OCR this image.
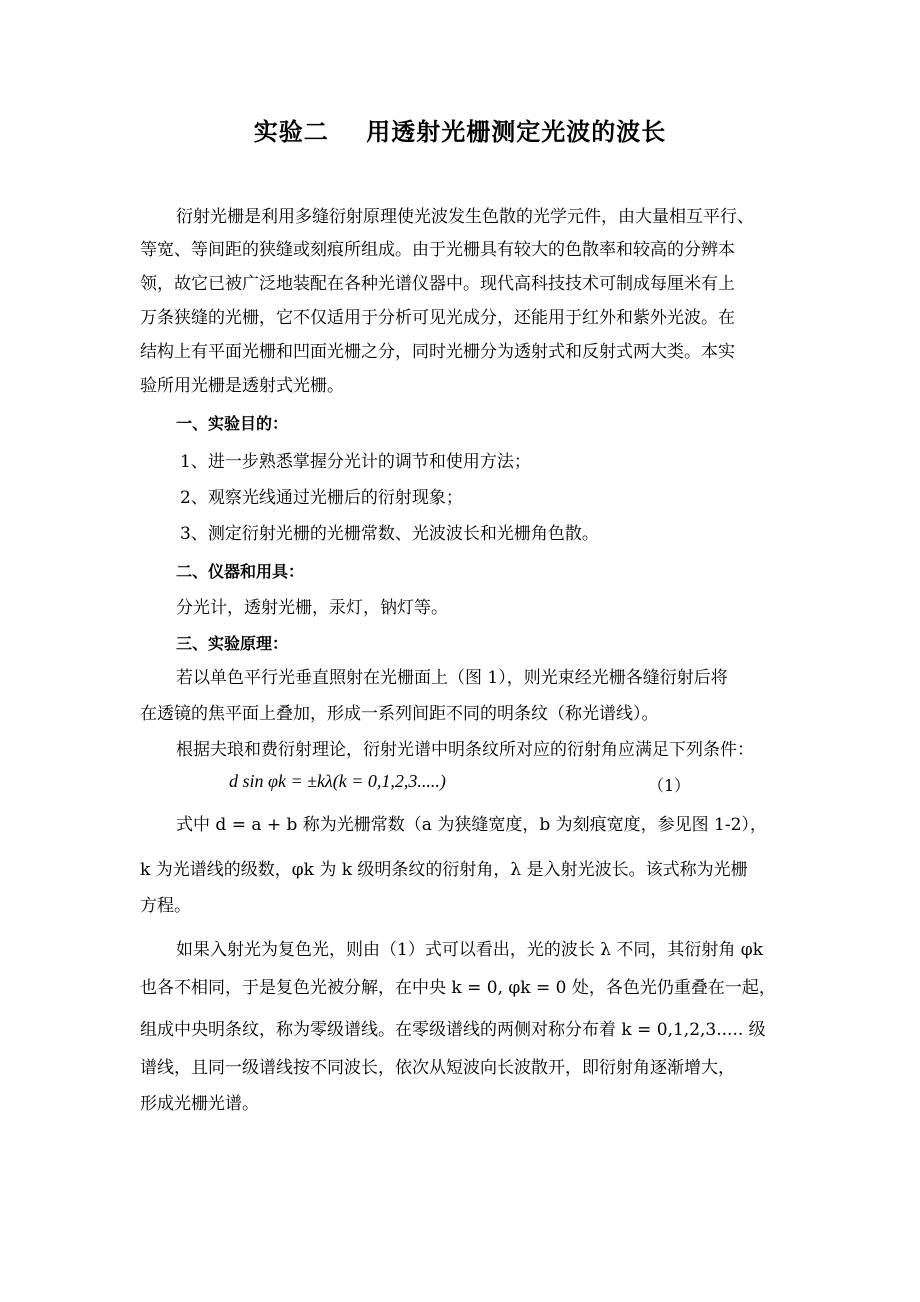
实验二    用透射光栅测定光波的波长
衍射光栅是利用多缝衍射原理使光波发生色散的光学元件，由大量相互平行、
等宽、等间距的狭缝或刻痕所组成。由于光栅具有较大的色散率和较高的分辨本
领，故它已被广泛地装配在各种光谱仪器中。现代高科技技术可制成每厘米有上
万条狭缝的光栅，它不仅适用于分析可见光成分，还能用于红外和紫外光波。在
结构上有平面光栅和凹面光栅之分，同时光栅分为透射式和反射式两大类。本实
验所用光栅是透射式光栅。
一、实验目的：
1、进一步熟悉掌握分光计的调节和使用方法；
2、观察光线通过光栅后的衍射现象；
3、测定衍射光栅的光栅常数、光波波长和光栅角色散。
二、仪器和用具：
分光计，透射光栅，汞灯，钠灯等。
三、实验原理：
若以单色平行光垂直照射在光栅面上（图 1），则光束经光栅各缝衍射后将
在透镜的焦平面上叠加，形成一系列间距不同的明条纹（称光谱线）。
根据夫琅和费衍射理论，衍射光谱中明条纹所对应的衍射角应满足下列条件：
d sin φk = ±kλ(k = 0,1,2,3.....)	（1）
式中 d = a + b 称为光栅常数（a 为狭缝宽度，b 为刻痕宽度，参见图 1-2），
k 为光谱线的级数，φk 为 k 级明条纹的衍射角，λ 是入射光波长。该式称为光栅
方程。
如果入射光为复色光，则由（1）式可以看出，光的波长 λ 不同，其衍射角 φk
也各不相同，于是复色光被分解，在中央 k = 0, φk = 0 处，各色光仍重叠在一起，
组成中央明条纹，称为零级谱线。在零级谱线的两侧对称分布着 k = 0,1,2,3..... 级
谱线，且同一级谱线按不同波长，依次从短波向长波散开，即衍射角逐渐增大，
形成光栅光谱。
